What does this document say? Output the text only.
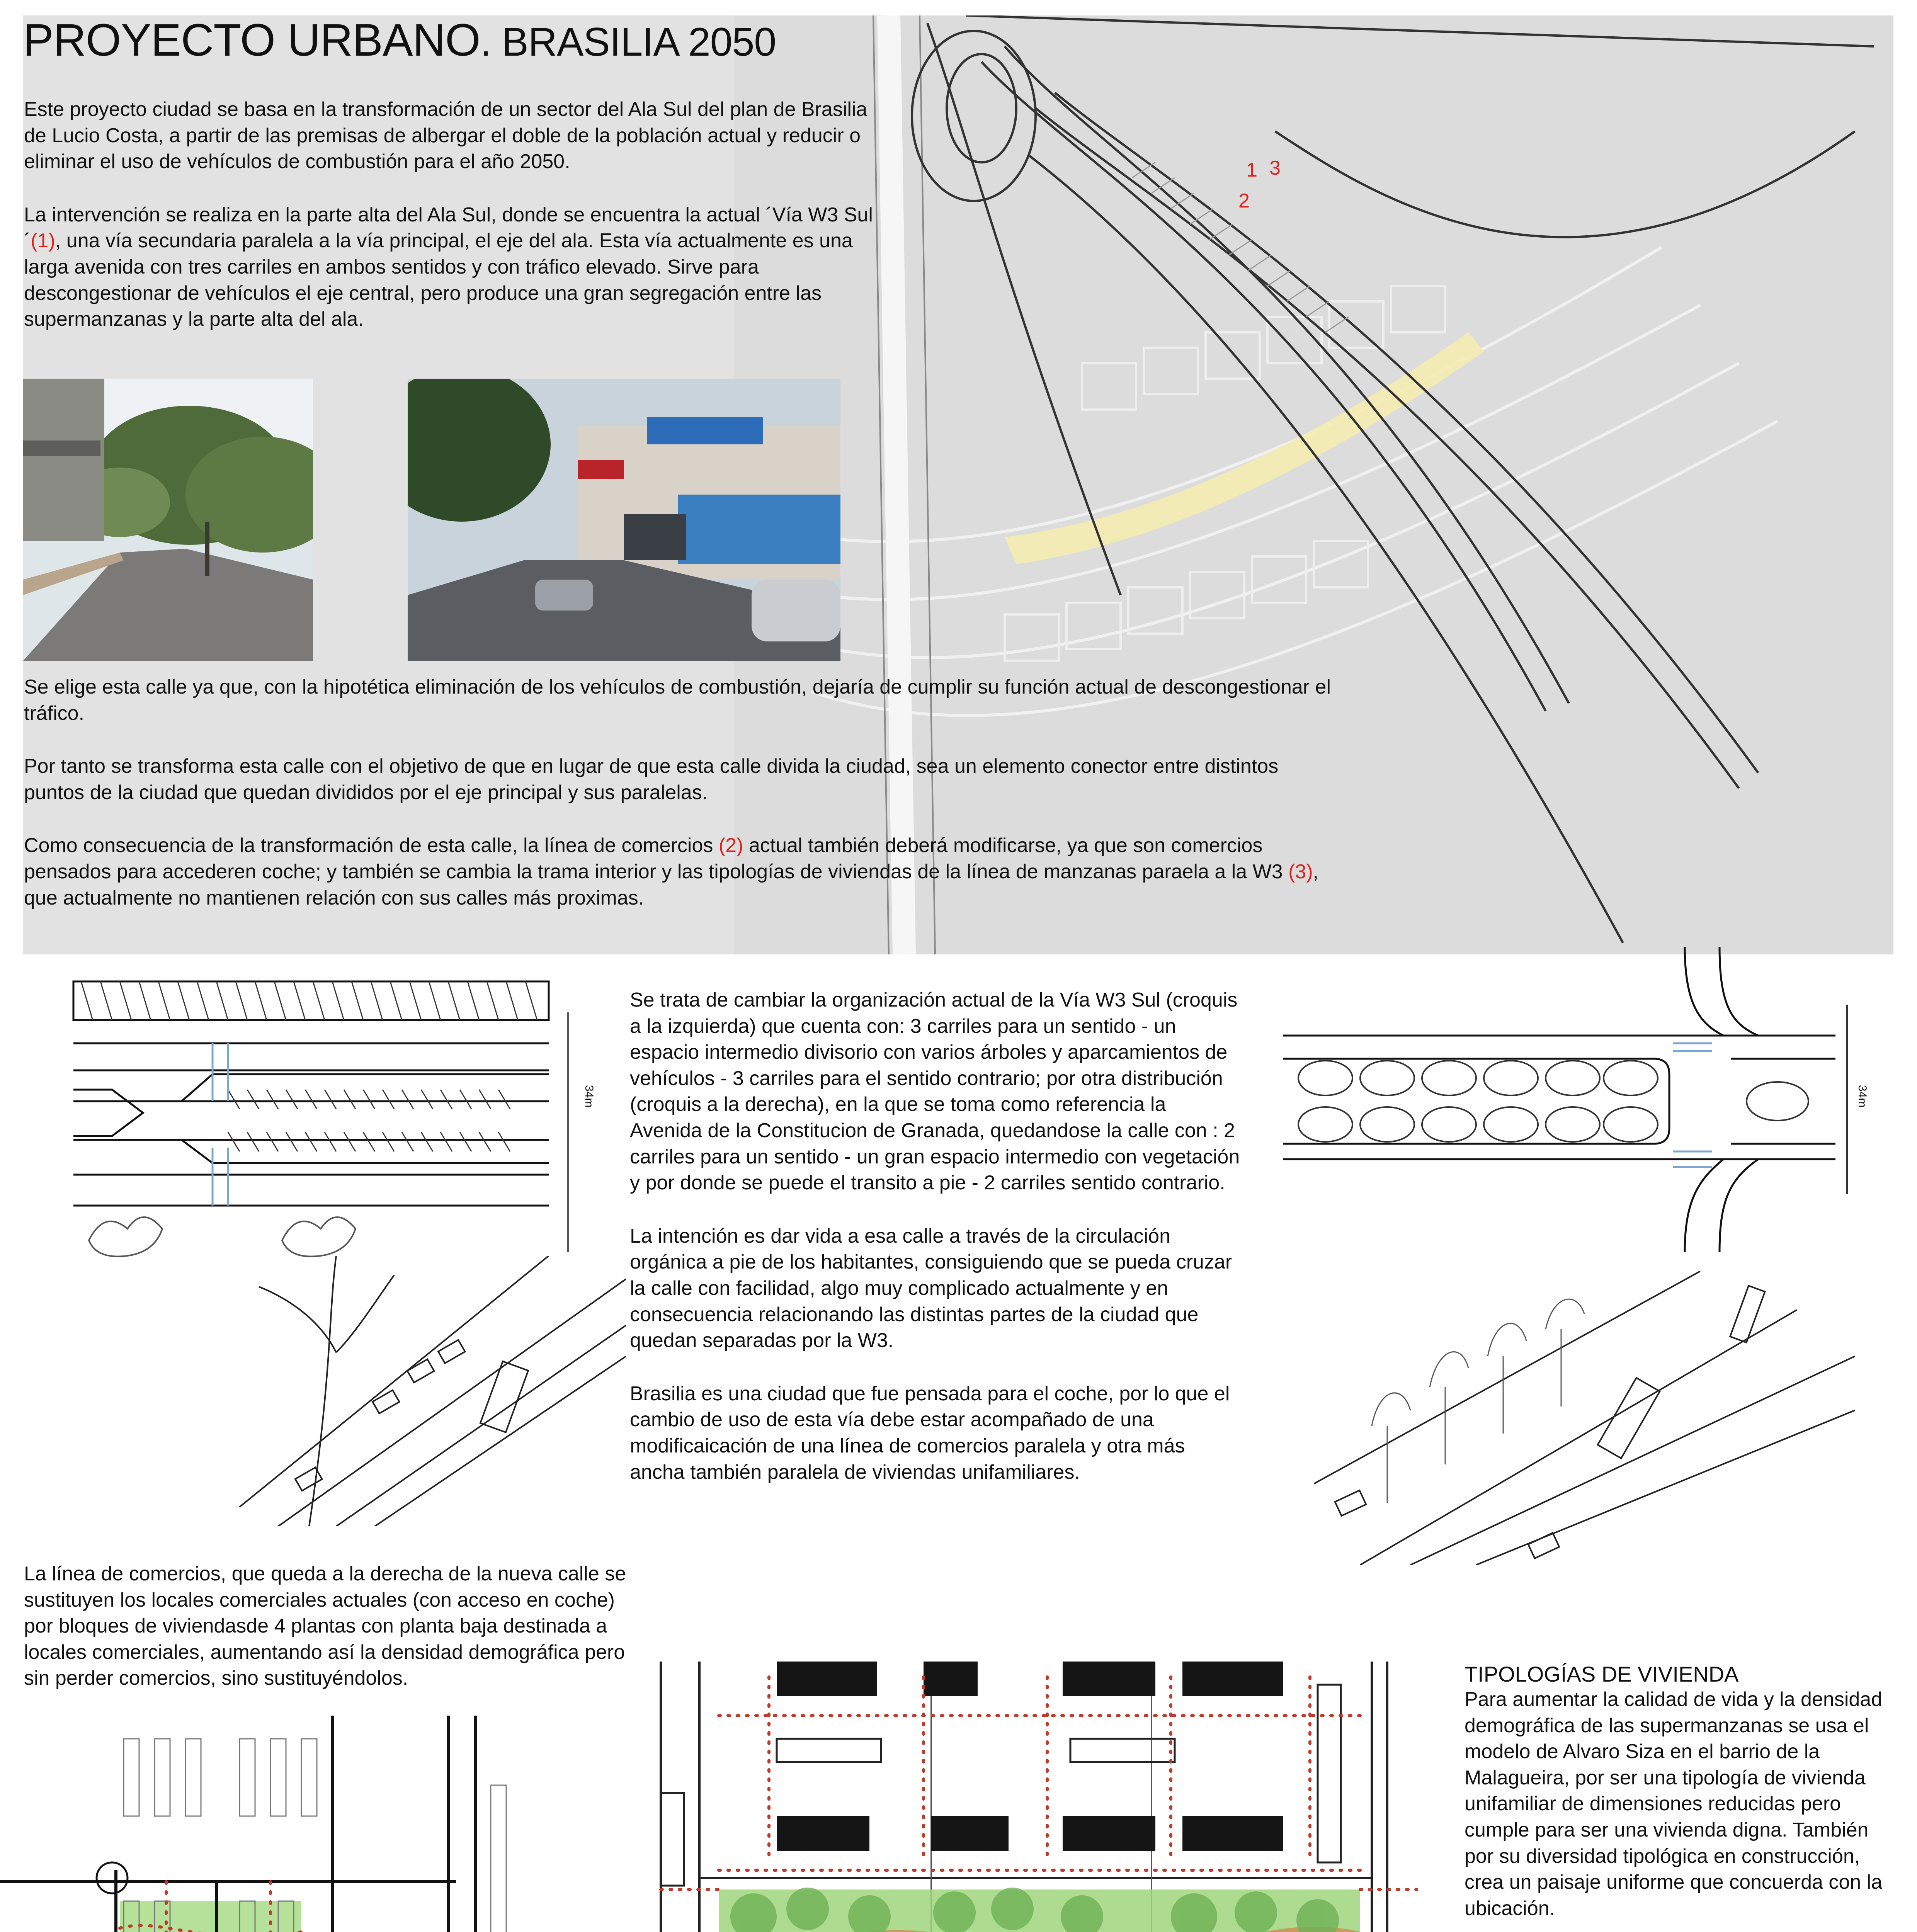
PROYECTO URBANO. BRASILIA 2050

Este proyecto ciudad se basa en la transformación de un sector del Ala Sul del plan de Brasilia de Lucio Costa, a partir de las premisas de albergar el doble de la población actual y reducir o eliminar el uso de vehículos de combustión para el año 2050.

La intervención se realiza en la parte alta del Ala Sul, donde se encuentra la actual ´Vía W3 Sul´(1), una vía secundaria paralela a la vía principal, el eje del ala. Esta vía actualmente es una larga avenida con tres carriles en ambos sentidos y con tráfico elevado. Sirve para descongestionar de vehículos el eje central, pero produce una gran segregación entre las supermanzanas y la parte alta del ala.

1 3
2

Se elige esta calle ya que, con la hipotética eliminación de los vehículos de combustión, dejaría de cumplir su función actual de descongestionar el tráfico.

Por tanto se transforma esta calle con el objetivo de que en lugar de que esta calle divida la ciudad, sea un elemento conector entre distintos puntos de la ciudad que quedan divididos por el eje principal y sus paralelas.

Como consecuencia de la transformación de esta calle, la línea de comercios (2) actual también deberá modificarse, ya que son comercios pensados para accederen coche; y también se cambia la trama interior y las tipologías de viviendas de la línea de manzanas paraela a la W3 (3), que actualmente no mantienen relación con sus calles más proximas.

34m

Se trata de cambiar la organización actual de la Vía W3 Sul (croquis a la izquierda) que cuenta con: 3 carriles para un sentido - un espacio intermedio divisorio con varios árboles y aparcamientos de vehículos - 3 carriles para el sentido contrario; por otra distribución (croquis a la derecha), en la que se toma como referencia la Avenida de la Constitucion de Granada, quedandose la calle con : 2 carriles para un sentido - un gran espacio intermedio con vegetación y por donde se puede el transito a pie - 2 carriles sentido contrario.

La intención es dar vida a esa calle a través de la circulación orgánica a pie de los habitantes, consiguiendo que se pueda cruzar la calle con facilidad, algo muy complicado actualmente y en consecuencia relacionando las distintas partes de la ciudad que quedan separadas por la W3.

Brasilia es una ciudad que fue pensada para el coche, por lo que el cambio de uso de esta vía debe estar acompañado de una modificaicación de una línea de comercios paralela y otra más ancha también paralela de viviendas unifamiliares.

34m

La línea de comercios, que queda a la derecha de la nueva calle se sustituyen los locales comerciales actuales (con acceso en coche) por bloques de viviendasde 4 plantas con planta baja destinada a locales comerciales, aumentando así la densidad demográfica pero sin perder comercios, sino sustituyéndolos.	TIPOLOGÍAS DE VIVIENDA

Para aumentar la calidad de vida y la densidad demográfica de las supermanzanas se usa el modelo de Alvaro Siza en el barrio de la Malagueira, por ser una tipología de vivienda unifamiliar de dimensiones reducidas pero cumple para ser una vivienda digna. También por su diversidad tipológica en construcción, crea un paisaje uniforme que concuerda con la ubicación.
